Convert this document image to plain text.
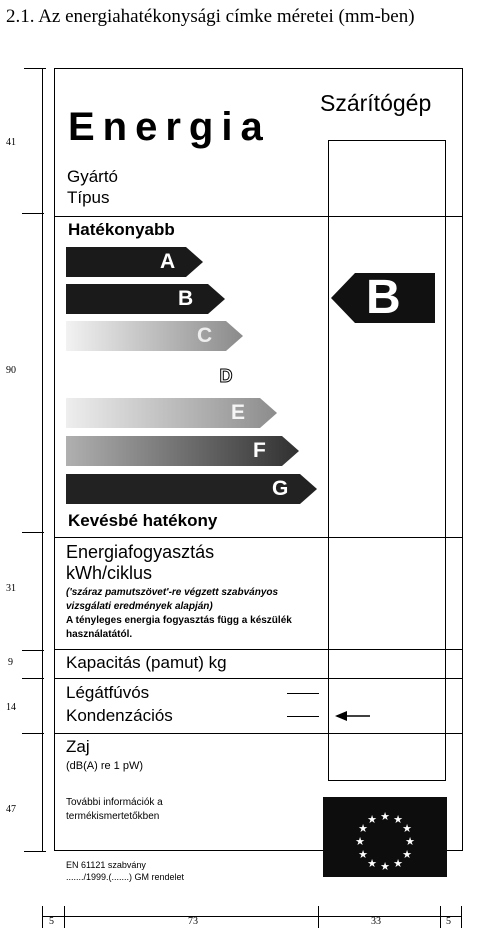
2.1. Az energiahatékonysági címke méretei (mm-ben)
41
90
31
9
14
47
Energia
Szárítógép
Gyártó
Típus
Hatékonyabb
A
B
C
D
E
F
G
B
Kevésbé hatékony
Energiafogyasztás
kWh/ciklus
('száraz pamutszövet'-re végzett szabványos vizsgálati eredmények alapján)
A tényleges energia fogyasztás függ a készülék használatától.
Kapacitás (pamut) kg
Légátfúvós
Kondenzációs
Zaj
(dB(A) re 1 pW)
További információk a termékismertetőkben	★ ★
★
★
★
★
★
★
★
★
★
★
EN 61121 szabvány
......./1999.(.......) GM rendelet
5	73	33	5
